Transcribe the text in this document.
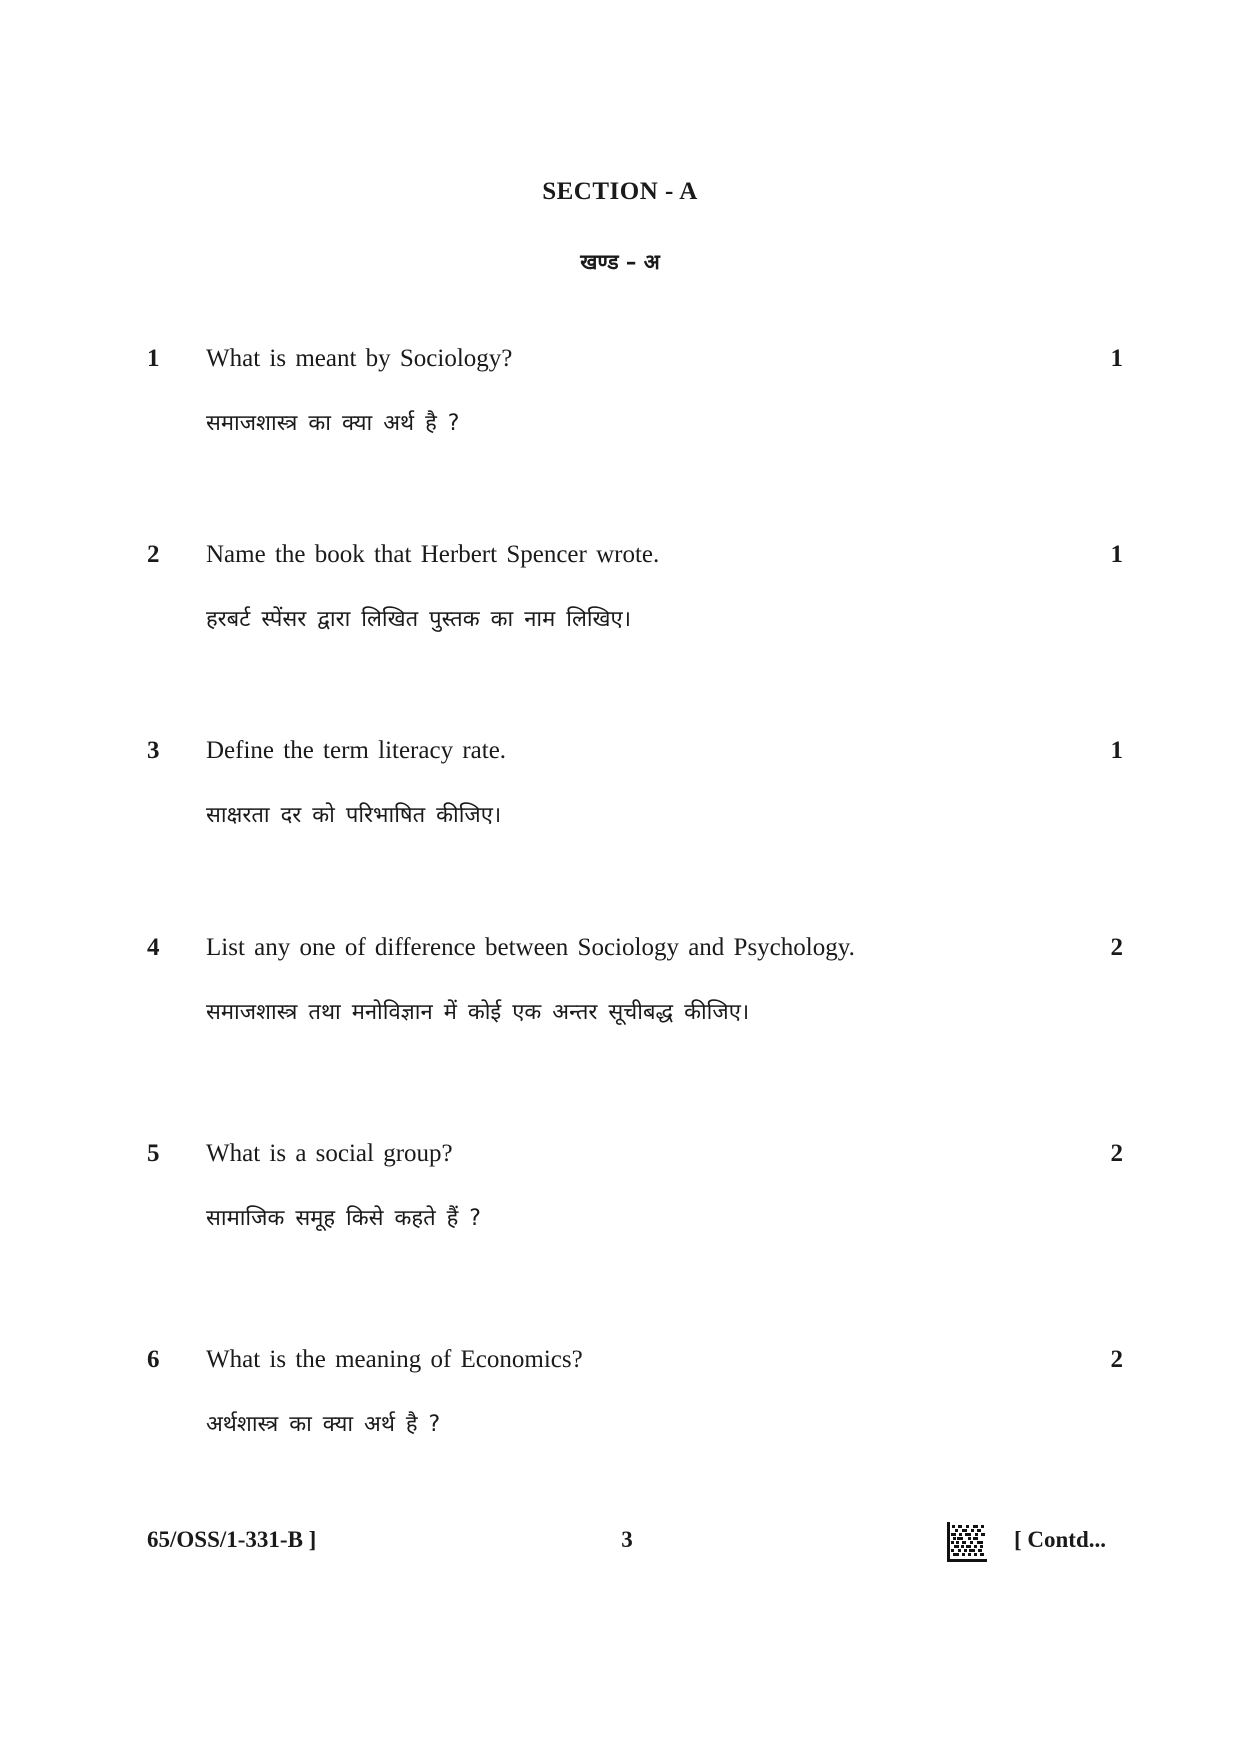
SECTION - A
खण्ड – अ
1 What is meant by Sociology?	1
समाजशास्त्र का क्या अर्थ है ?
2 Name the book that Herbert Spencer wrote.	1
हरबर्ट स्पेंसर द्वारा लिखित पुस्तक का नाम लिखिए।
3 Define the term literacy rate.	1
साक्षरता दर को परिभाषित कीजिए।
4 List any one of difference between Sociology and Psychology.	2
समाजशास्त्र तथा मनोविज्ञान में कोई एक अन्तर सूचीबद्ध कीजिए।
5 What is a social group?	2
सामाजिक समूह किसे कहते हैं ?
6 What is the meaning of Economics?	2
अर्थशास्त्र का क्या अर्थ है ?
65/OSS/1-331-B ]	3	[ Contd...
